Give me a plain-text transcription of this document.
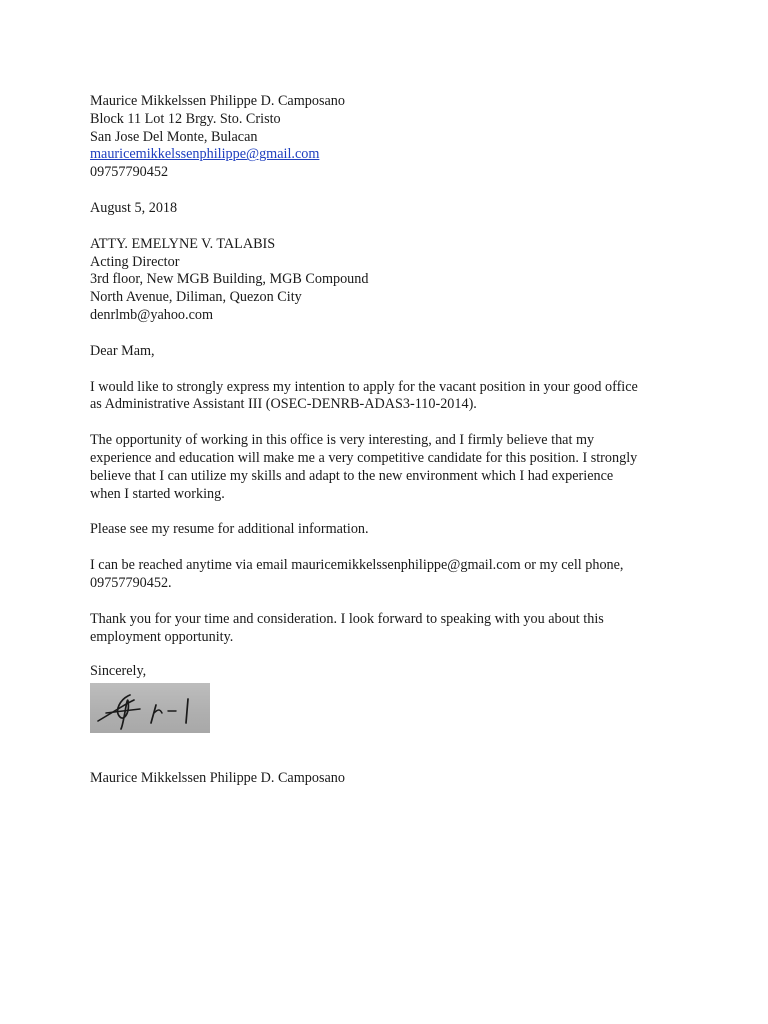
Maurice Mikkelssen Philippe D. Camposano
Block 11 Lot 12 Brgy. Sto. Cristo
San Jose Del Monte, Bulacan
mauricemikkelssenphilippe@gmail.com
09757790452
August 5, 2018
ATTY. EMELYNE V. TALABIS
Acting Director
3rd floor, New MGB Building, MGB Compound
North Avenue, Diliman, Quezon City
denrlmb@yahoo.com
Dear Mam,
I would like to strongly express my intention to apply for the vacant position in your good office
as Administrative Assistant III (OSEC-DENRB-ADAS3-110-2014).
The opportunity of working in this office is very interesting, and I firmly believe that my
experience and education will make me a very competitive candidate for this position. I strongly
believe that I can utilize my skills and adapt to the new environment which I had experience
when I started working.
Please see my resume for additional information.
I can be reached anytime via email mauricemikkelssenphilippe@gmail.com or my cell phone,
09757790452.
Thank you for your time and consideration. I look forward to speaking with you about this
employment opportunity.
Sincerely,
Maurice Mikkelssen Philippe D. Camposano
